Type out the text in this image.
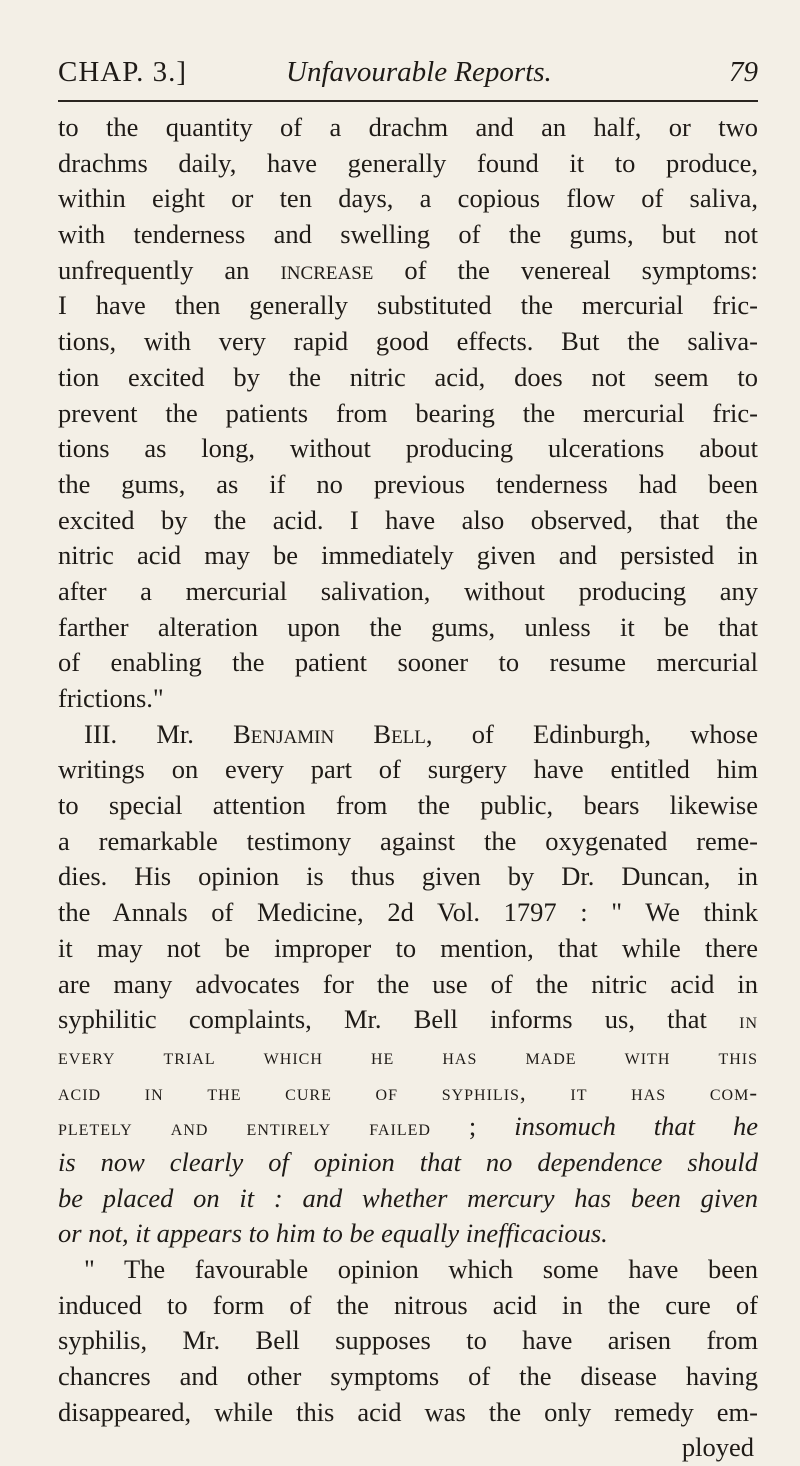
CHAP. 3.]	Unfavourable Reports.	79
to the quantity of a drachm and an half, or two
drachms daily, have generally found it to produce,
within eight or ten days, a copious flow of saliva,
with tenderness and swelling of the gums, but not
unfrequently an increase of the venereal symptoms:
I have then generally substituted the mercurial fric-
tions, with very rapid good effects. But the saliva-
tion excited by the nitric acid, does not seem to
prevent the patients from bearing the mercurial fric-
tions as long, without producing ulcerations about
the gums, as if no previous tenderness had been
excited by the acid. I have also observed, that the
nitric acid may be immediately given and persisted in
after a mercurial salivation, without producing any
farther alteration upon the gums, unless it be that
of enabling the patient sooner to resume mercurial
frictions."
III. Mr. Benjamin Bell, of Edinburgh, whose
writings on every part of surgery have entitled him
to special attention from the public, bears likewise
a remarkable testimony against the oxygenated reme-
dies. His opinion is thus given by Dr. Duncan, in
the Annals of Medicine, 2d Vol. 1797 : " We think
it may not be improper to mention, that while there
are many advocates for the use of the nitric acid in
syphilitic complaints, Mr. Bell informs us, that in
every trial which he has made with this
acid in the cure of syphilis, it has com-
pletely and entirely failed ; insomuch that he
is now clearly of opinion that no dependence should
be placed on it : and whether mercury has been given
or not, it appears to him to be equally inefficacious.
" The favourable opinion which some have been
induced to form of the nitrous acid in the cure of
syphilis, Mr. Bell supposes to have arisen from
chancres and other symptoms of the disease having
disappeared, while this acid was the only remedy em-
ployed
